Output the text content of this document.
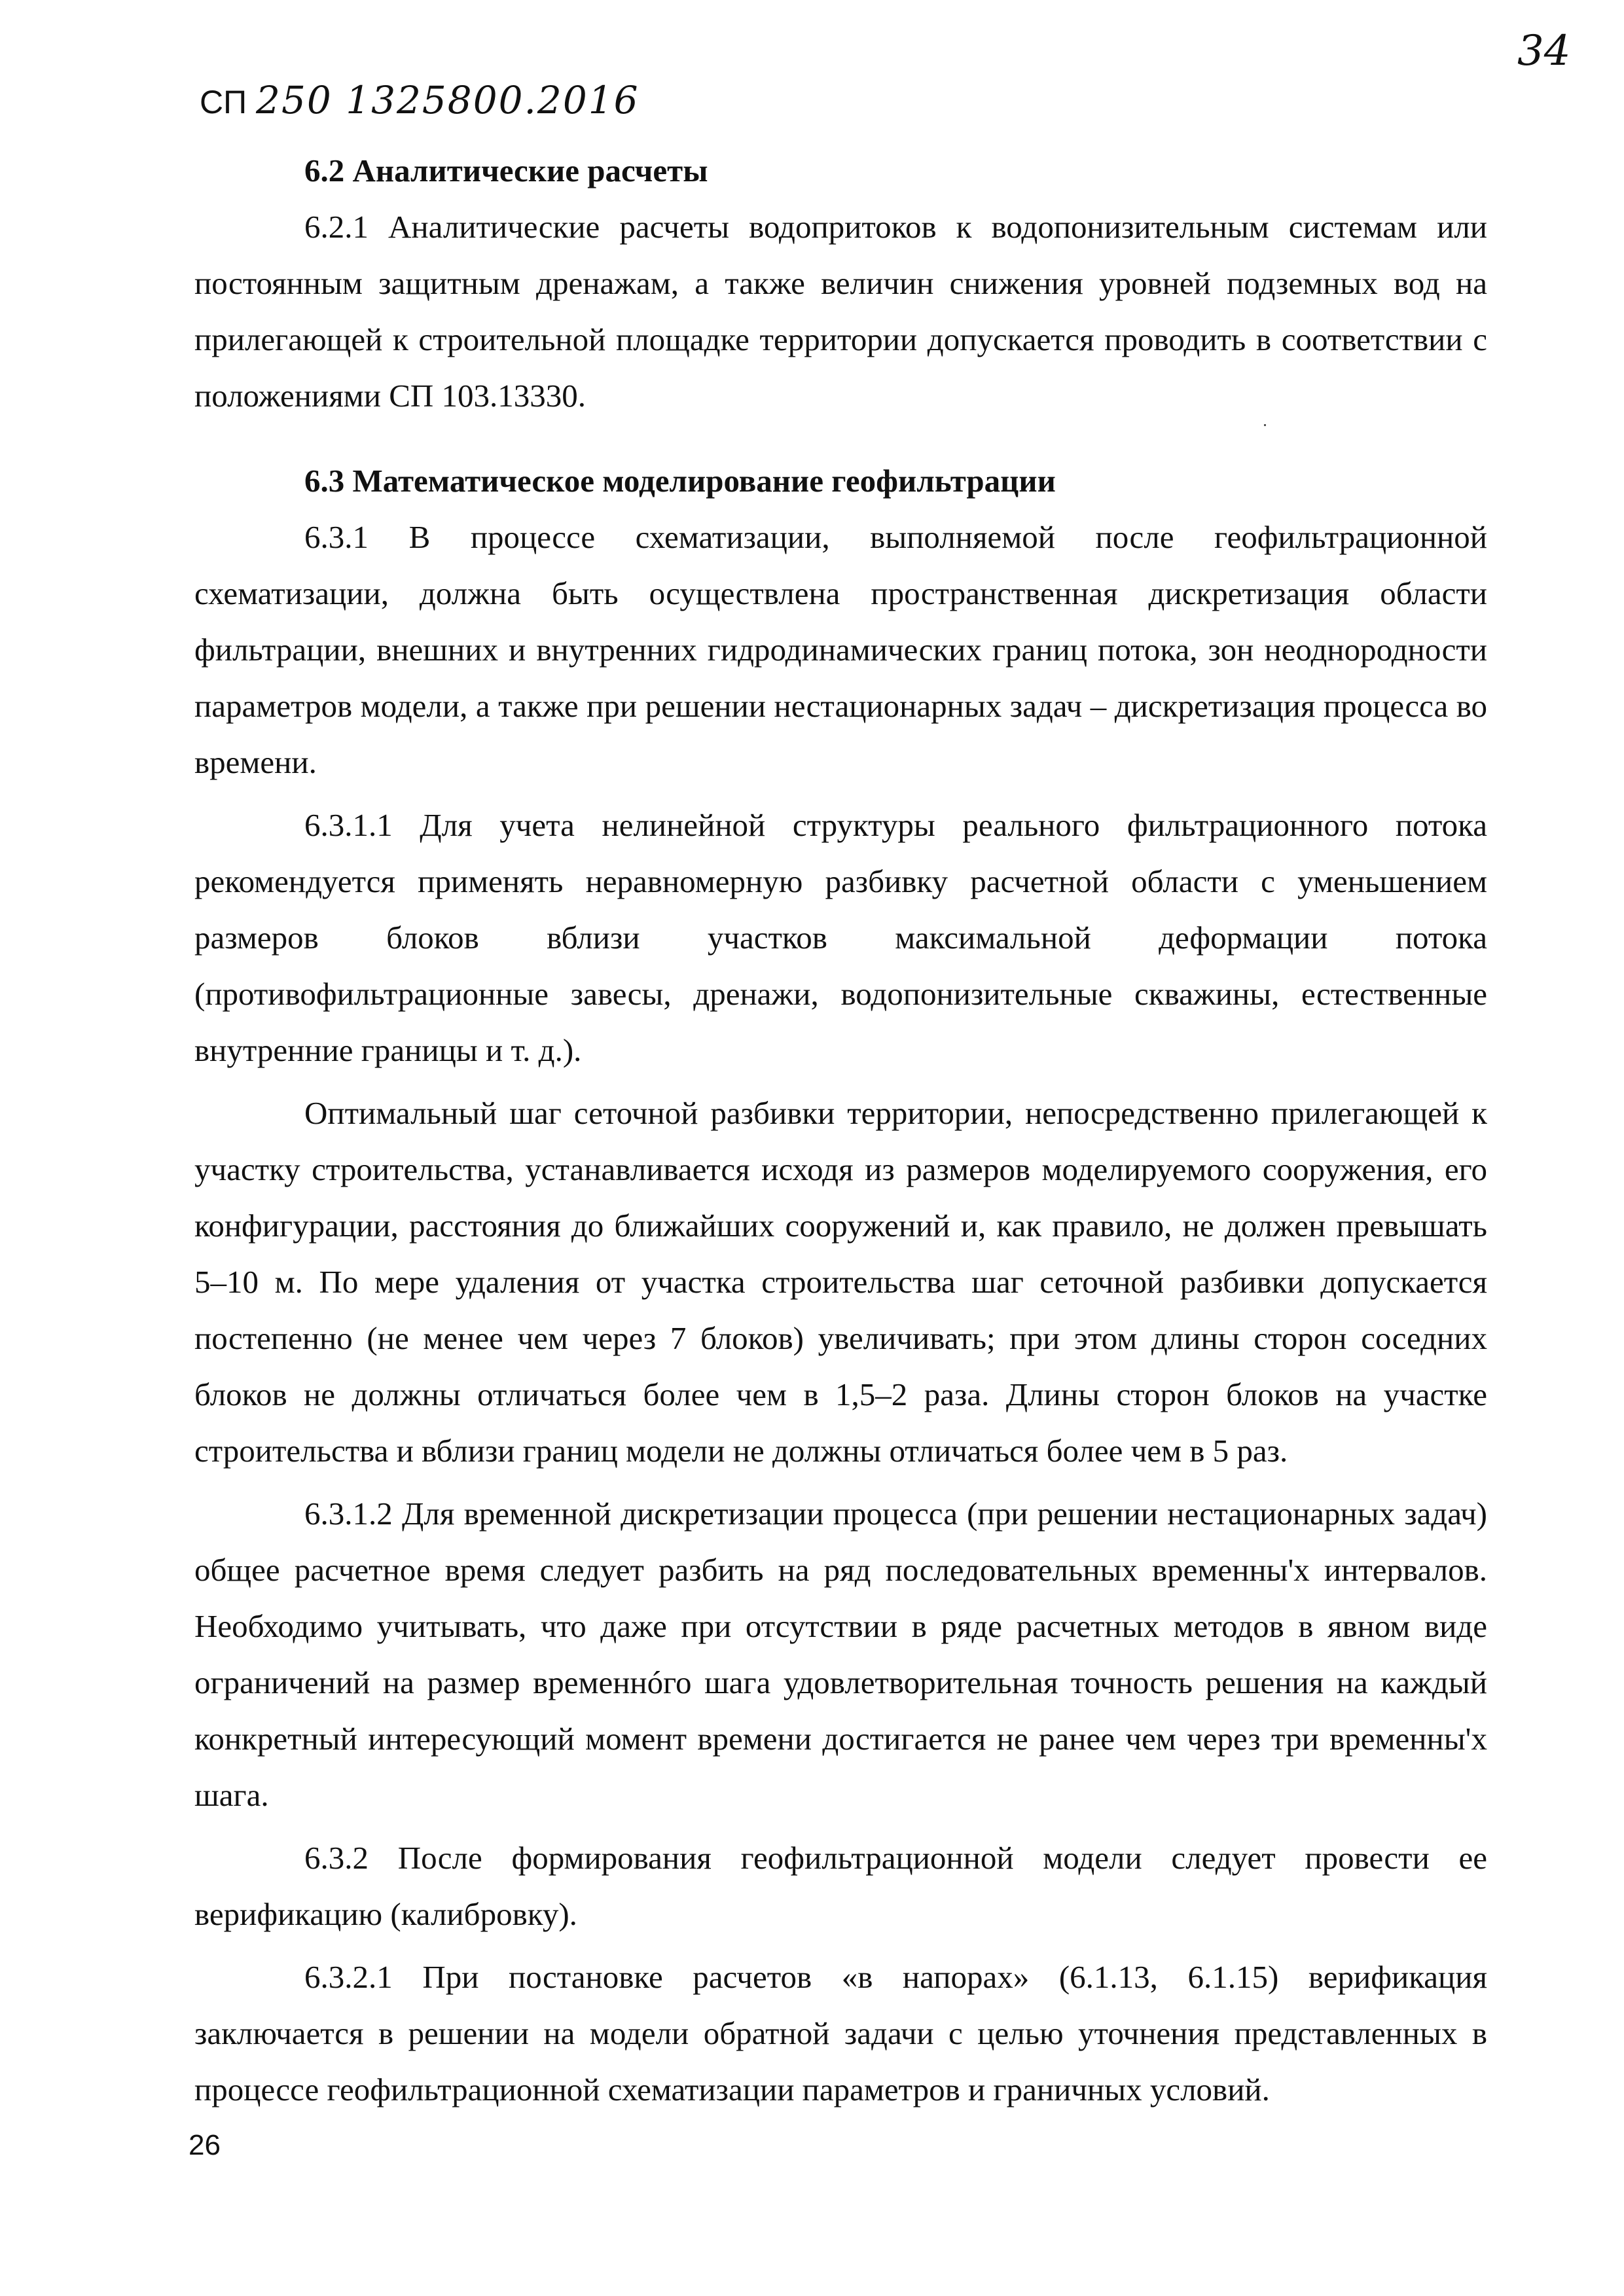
СП 250 1325800.2016
34
6.2 Аналитические расчеты

6.2.1 Аналитические расчеты водопритоков к водопонизительным системам или постоянным защитным дренажам, а также величин снижения уровней подземных вод на прилегающей к строительной площадке территории допускается проводить в соответствии с положениями СП 103.13330.

6.3 Математическое моделирование геофильтрации

6.3.1 В процессе схематизации, выполняемой после геофильтрационной схематизации, должна быть осуществлена пространственная дискретизация области фильтрации, внешних и внутренних гидродинамических границ потока, зон неоднородности параметров модели, а также при решении нестационарных задач – дискретизация процесса во времени.

6.3.1.1 Для учета нелинейной структуры реального фильтрационного потока рекомендуется применять неравномерную разбивку расчетной области с уменьшением размеров блоков вблизи участков максимальной деформации потока (противофильтрационные завесы, дренажи, водопонизительные скважины, естественные внутренние границы и т. д.).

Оптимальный шаг сеточной разбивки территории, непосредственно прилегающей к участку строительства, устанавливается исходя из размеров моделируемого сооружения, его конфигурации, расстояния до ближайших сооружений и, как правило, не должен превышать 5–10 м. По мере удаления от участка строительства шаг сеточной разбивки допускается постепенно (не менее чем через 7 блоков) увеличивать; при этом длины сторон соседних блоков не должны отличаться более чем в 1,5–2 раза. Длины сторон блоков на участке строительства и вблизи границ модели не должны отличаться более чем в 5 раз.

6.3.1.2 Для временной дискретизации процесса (при решении нестационарных задач) общее расчетное время следует разбить на ряд последовательных временны'х интервалов. Необходимо учитывать, что даже при отсутствии в ряде расчетных методов в явном виде ограничений на размер временнóго шага удовлетворительная точность решения на каждый конкретный интересующий момент времени достигается не ранее чем через три временны'х шага.

6.3.2 После формирования геофильтрационной модели следует провести ее верификацию (калибровку).

6.3.2.1 При постановке расчетов «в напорах» (6.1.13, 6.1.15) верификация заключается в решении на модели обратной задачи с целью уточнения представленных в процессе геофильтрационной схематизации параметров и граничных условий.

26
